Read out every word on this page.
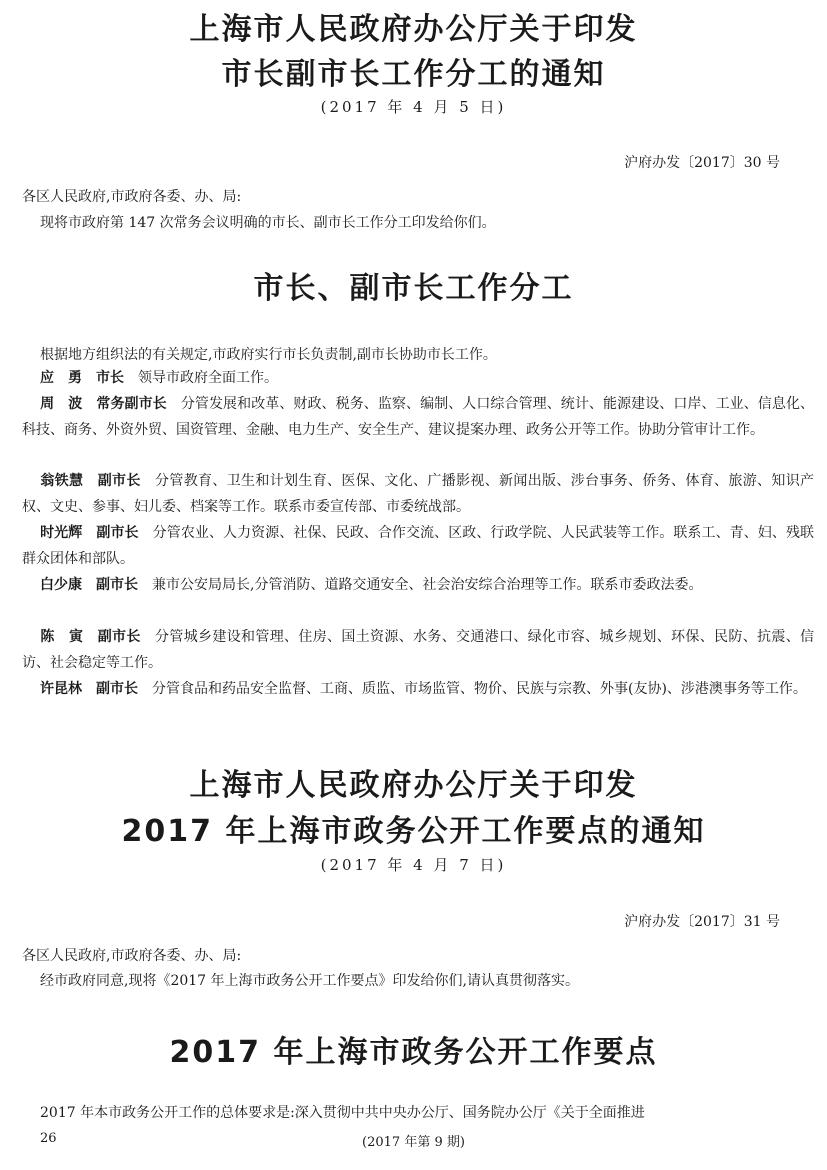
上海市人民政府办公厅关于印发
市长副市长工作分工的通知
(2017 年 4 月 5 日)
沪府办发〔2017〕30 号
各区人民政府,市政府各委、办、局:
现将市政府第 147 次常务会议明确的市长、副市长工作分工印发给你们。
市长、副市长工作分工
根据地方组织法的有关规定,市政府实行市长负责制,副市长协助市长工作。
应　勇　 市长　 领导市政府全面工作。
周　波　 常务副市长　 分管发展和改革、财政、税务、监察、编制、人口综合管理、统计、能源建设、口岸、工业、信息化、科技、商务、外资外贸、国资管理、金融、电力生产、安全生产、建议提案办理、政务公开等工作。协助分管审计工作。
翁铁慧　 副市长　 分管教育、卫生和计划生育、医保、文化、广播影视、新闻出版、涉台事务、侨务、体育、旅游、知识产权、文史、参事、妇儿委、档案等工作。联系市委宣传部、市委统战部。
时光辉　 副市长　 分管农业、人力资源、社保、民政、合作交流、区政、行政学院、人民武装等工作。联系工、青、妇、残联群众团体和部队。
白少康　 副市长　 兼市公安局局长,分管消防、道路交通安全、社会治安综合治理等工作。联系市委政法委。
陈　寅　 副市长　 分管城乡建设和管理、住房、国土资源、水务、交通港口、绿化市容、城乡规划、环保、民防、抗震、信访、社会稳定等工作。
许昆林　 副市长　 分管食品和药品安全监督、工商、质监、市场监管、物价、民族与宗教、外事(友协)、涉港澳事务等工作。
上海市人民政府办公厅关于印发
2017 年上海市政务公开工作要点的通知
(2017 年 4 月 7 日)
沪府办发〔2017〕31 号
各区人民政府,市政府各委、办、局:
经市政府同意,现将《2017 年上海市政务公开工作要点》印发给你们,请认真贯彻落实。
2017 年上海市政务公开工作要点
2017 年本市政务公开工作的总体要求是:深入贯彻中共中央办公厅、国务院办公厅《关于全面推进
26	(2017 年第 9 期)
